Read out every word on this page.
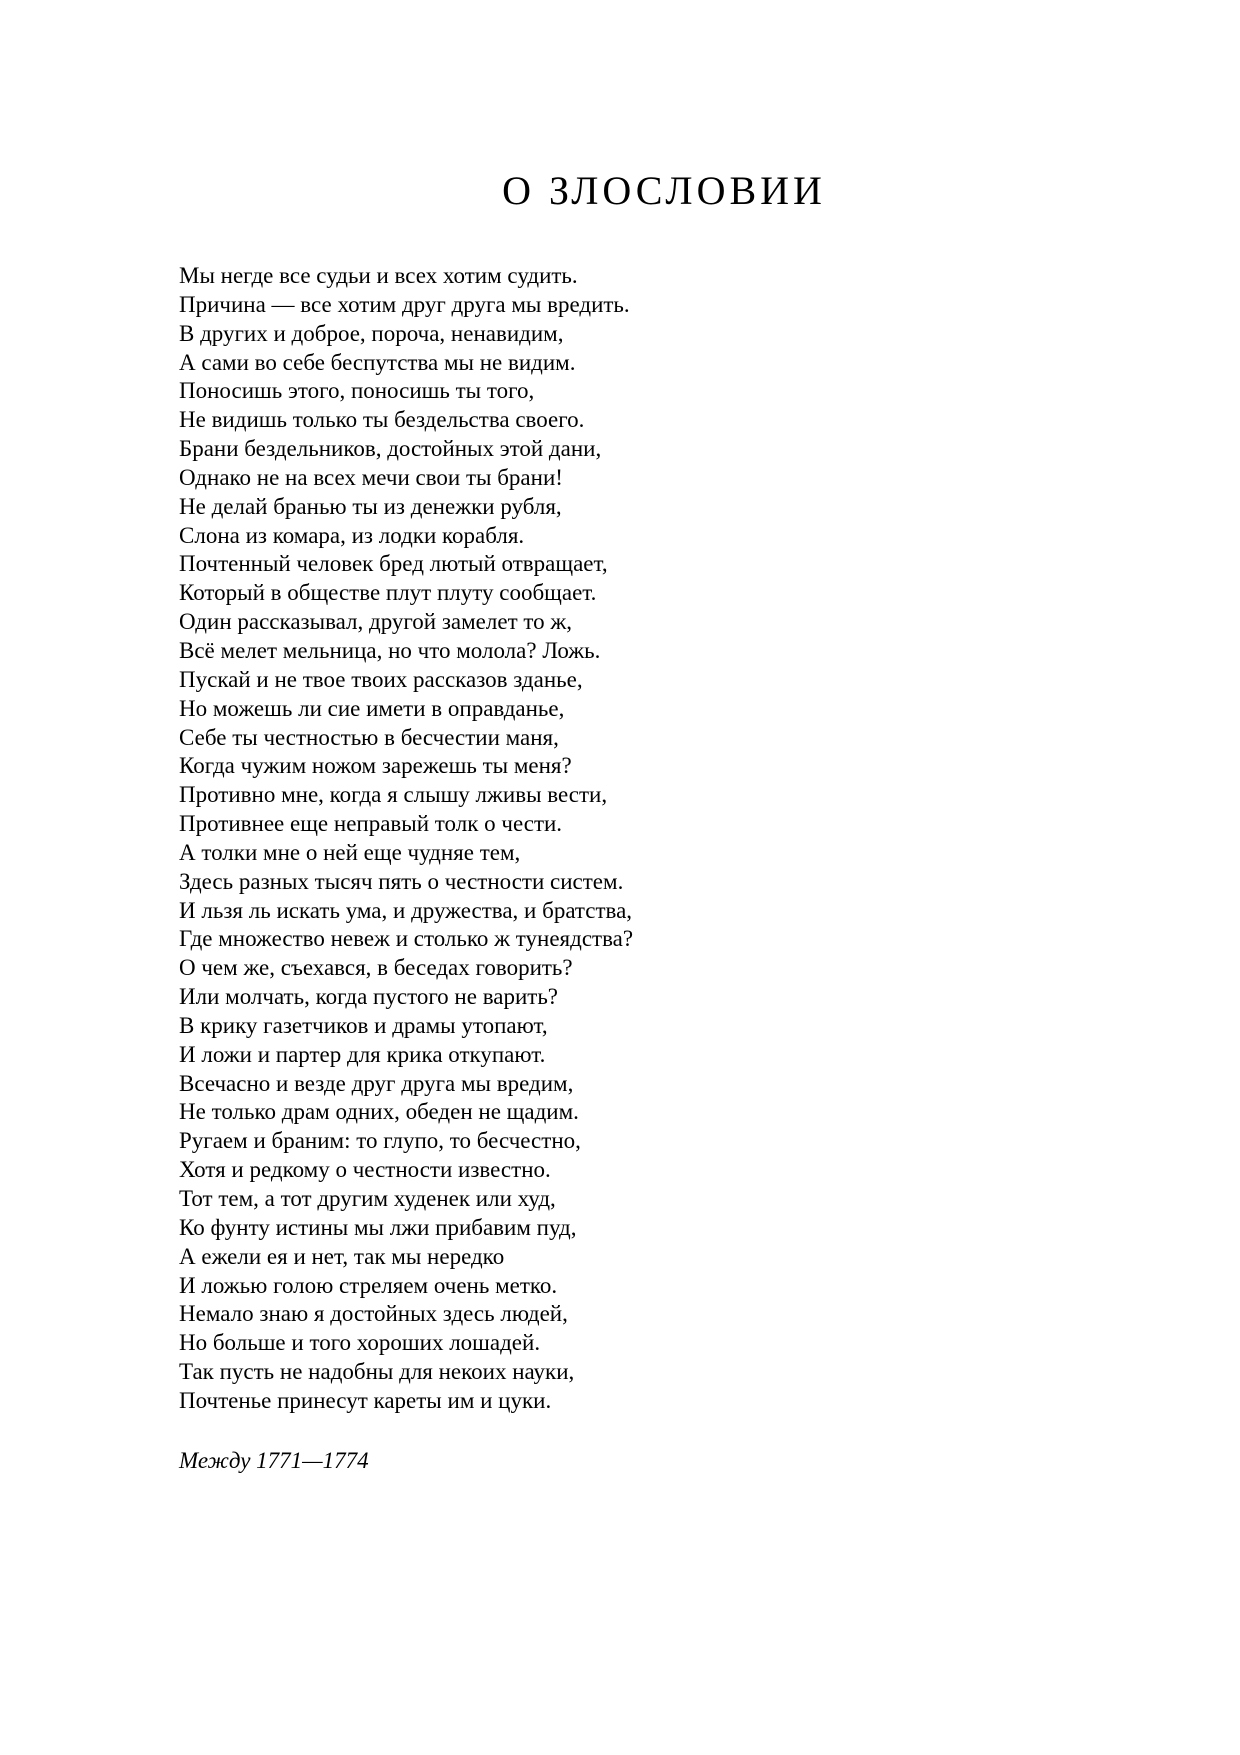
О ЗЛОСЛОВИИ
Мы негде все судьи и всех хотим судить.
Причина — все хотим друг друга мы вредить.
В других и доброе, пороча, ненавидим,
А сами во себе беспутства мы не видим.
Поносишь этого, поносишь ты того,
Не видишь только ты бездельства своего.
Брани бездельников, достойных этой дани,
Однако не на всех мечи свои ты брани!
Не делай бранью ты из денежки рубля,
Слона из комара, из лодки корабля.
Почтенный человек бред лютый отвращает,
Который в обществе плут плуту сообщает.
Один рассказывал, другой замелет то ж,
Всё мелет мельница, но что молола? Ложь.
Пускай и не твое твоих рассказов зданье,
Но можешь ли сие имети в оправданье,
Себе ты честностью в бесчестии маня,
Когда чужим ножом зарежешь ты меня?
Противно мне, когда я слышу лживы вести,
Противнее еще неправый толк о чести.
А толки мне о ней еще чудняе тем,
Здесь разных тысяч пять о честности систем.
И льзя ль искать ума, и дружества, и братства,
Где множество невеж и столько ж тунеядства?
О чем же, съехався, в беседах говорить?
Или молчать, когда пустого не варить?
В крику газетчиков и драмы утопают,
И ложи и партер для крика откупают.
Всечасно и везде друг друга мы вредим,
Не только драм одних, обеден не щадим.
Ругаем и браним: то глупо, то бесчестно,
Хотя и редкому о честности известно.
Тот тем, а тот другим худенек или худ,
Ко фунту истины мы лжи прибавим пуд,
А ежели ея и нет, так мы нередко
И ложью голою стреляем очень метко.
Немало знаю я достойных здесь людей,
Но больше и того хороших лошадей.
Так пусть не надобны для некоих науки,
Почтенье принесут кареты им и цуки.

Между 1771—1774
